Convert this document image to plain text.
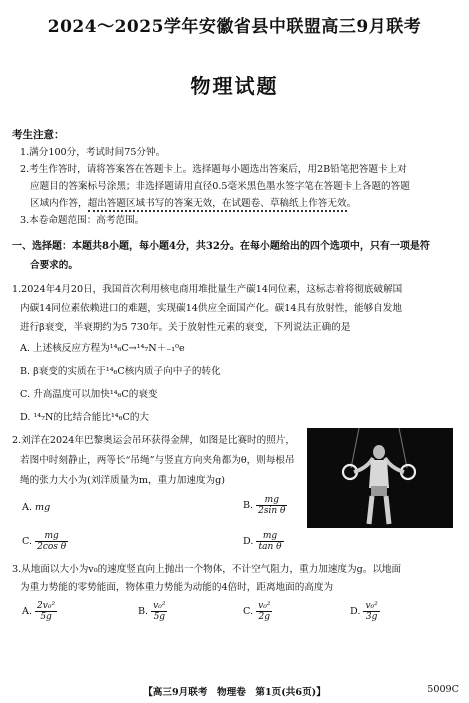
2024～2025学年安徽省县中联盟高三9月联考
物理试题
考生注意：
1.满分100分，考试时间75分钟。
2.考生作答时，请将答案答在答题卡上。选择题每小题选出答案后，用2B铅笔把答题卡上对
应题目的答案标号涂黑；非选择题请用直径0.5毫米黑色墨水签字笔在答题卡上各题的答题
区域内作答，超出答题区域书写的答案无效，在试题卷、草稿纸上作答无效。
3.本卷命题范围：高考范围。
一、选择题：本题共8小题，每小题4分，共32分。在每小题给出的四个选项中，只有一项是符
合要求的。
1.2024年4月20日，我国首次利用核电商用堆批量生产碳14同位素，这标志着将彻底破解国
内碳14同位素依赖进口的难题，实现碳14供应全面国产化。碳14具有放射性，能够自发地
进行β衰变，半衰期约为5 730年。关于放射性元素的衰变，下列说法正确的是
A. 上述核反应方程为¹⁴₆C→¹⁴₇N＋₋₁⁰e
B. β衰变的实质在于¹⁴₆C核内质子向中子的转化
C. 升高温度可以加快¹⁴₆C的衰变
D. ¹⁴₇N的比结合能比¹⁴₆C的大
2.刘洋在2024年巴黎奥运会吊环获得金牌，如图是比赛时的照片，
若图中时刻静止，两等长“吊绳”与竖直方向夹角都为θ，则每根吊
绳的张力大小为(刘洋质量为m，重力加速度为g)
A. mg	B. $\frac{mg}{\text{2sin θ}}$
C. $\frac{mg}{\text{2cos θ}}$	D. $\frac{mg}{\text{tan θ}}$
3.从地面以大小为v₀的速度竖直向上抛出一个物体，不计空气阻力，重力加速度为g。以地面
为重力势能的零势能面，物体重力势能为动能的4倍时，距离地面的高度为
A. $\frac{\text{2v₀²}}{5g}$	B. $\frac{\text{v₀²}}{5g}$	C. $\frac{\text{v₀²}}{2g}$	D. $\frac{\text{v₀²}}{3g}$
【高三9月联考　物理卷　第1页(共6页)】	5009C
